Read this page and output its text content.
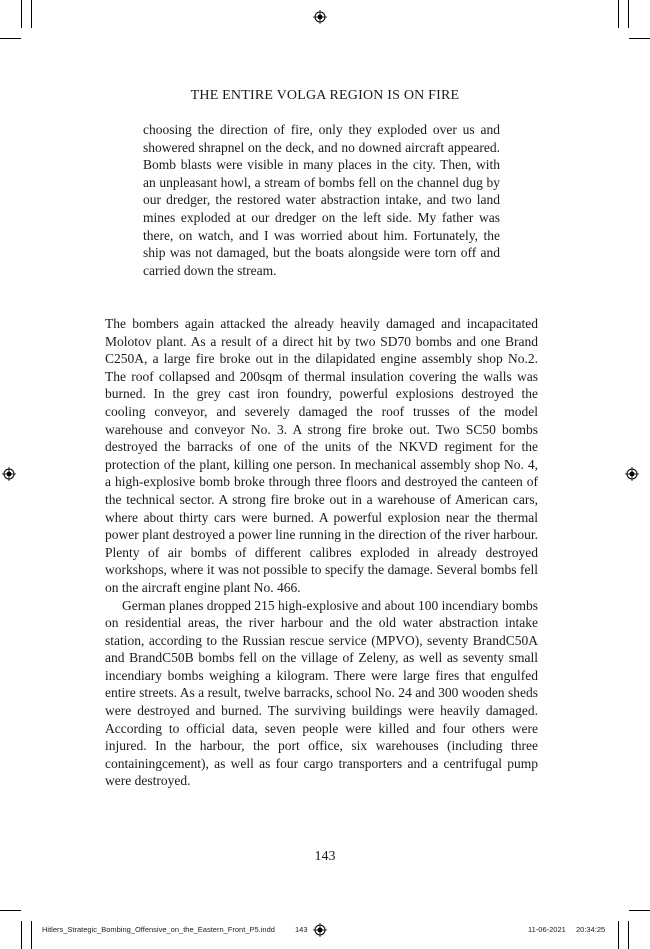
THE ENTIRE VOLGA REGION IS ON FIRE

choosing the direction of fire, only they exploded over us and showered shrapnel on the deck, and no downed aircraft appeared. Bomb blasts were visible in many places in the city. Then, with an unpleasant howl, a stream of bombs fell on the channel dug by our dredger, the restored water abstraction intake, and two land mines exploded at our dredger on the left side. My father was there, on watch, and I was worried about him. Fortunately, the ship was not damaged, but the boats alongside were torn off and carried down the stream.

The bombers again attacked the already heavily damaged and incapacitated Molotov plant. As a result of a direct hit by two SD70 bombs and one Brand C250A, a large fire broke out in the dilapidated engine assembly shop No.2. The roof collapsed and 200sqm of thermal insulation covering the walls was burned. In the grey cast iron foundry, powerful explosions destroyed the cooling conveyor, and severely damaged the roof trusses of the model warehouse and conveyor No. 3. A strong fire broke out. Two SC50 bombs destroyed the barracks of one of the units of the NKVD regiment for the protection of the plant, killing one person. In mechanical assembly shop No. 4, a high-explosive bomb broke through three floors and destroyed the canteen of the technical sector. A strong fire broke out in a warehouse of American cars, where about thirty cars were burned. A powerful explosion near the thermal power plant destroyed a power line running in the direction of the river harbour. Plenty of air bombs of different calibres exploded in already destroyed workshops, where it was not possible to specify the damage. Several bombs fell on the aircraft engine plant No. 466.

German planes dropped 215 high-explosive and about 100 incendiary bombs on residential areas, the river harbour and the old water abstraction intake station, according to the Russian rescue service (MPVO), seventy BrandC50A and BrandC50B bombs fell on the village of Zeleny, as well as seventy small incendiary bombs weighing a kilogram. There were large fires that engulfed entire streets. As a result, twelve barracks, school No. 24 and 300 wooden sheds were destroyed and burned. The surviving buildings were heavily damaged. According to official data, seven people were killed and four others were injured. In the harbour, the port office, six warehouses (including three containingcement), as well as four cargo transporters and a centrifugal pump were destroyed.

143
Hitlers_Strategic_Bombing_Offensive_on_the_Eastern_Front_P5.indd	143	11-06-2021 20:34:25
